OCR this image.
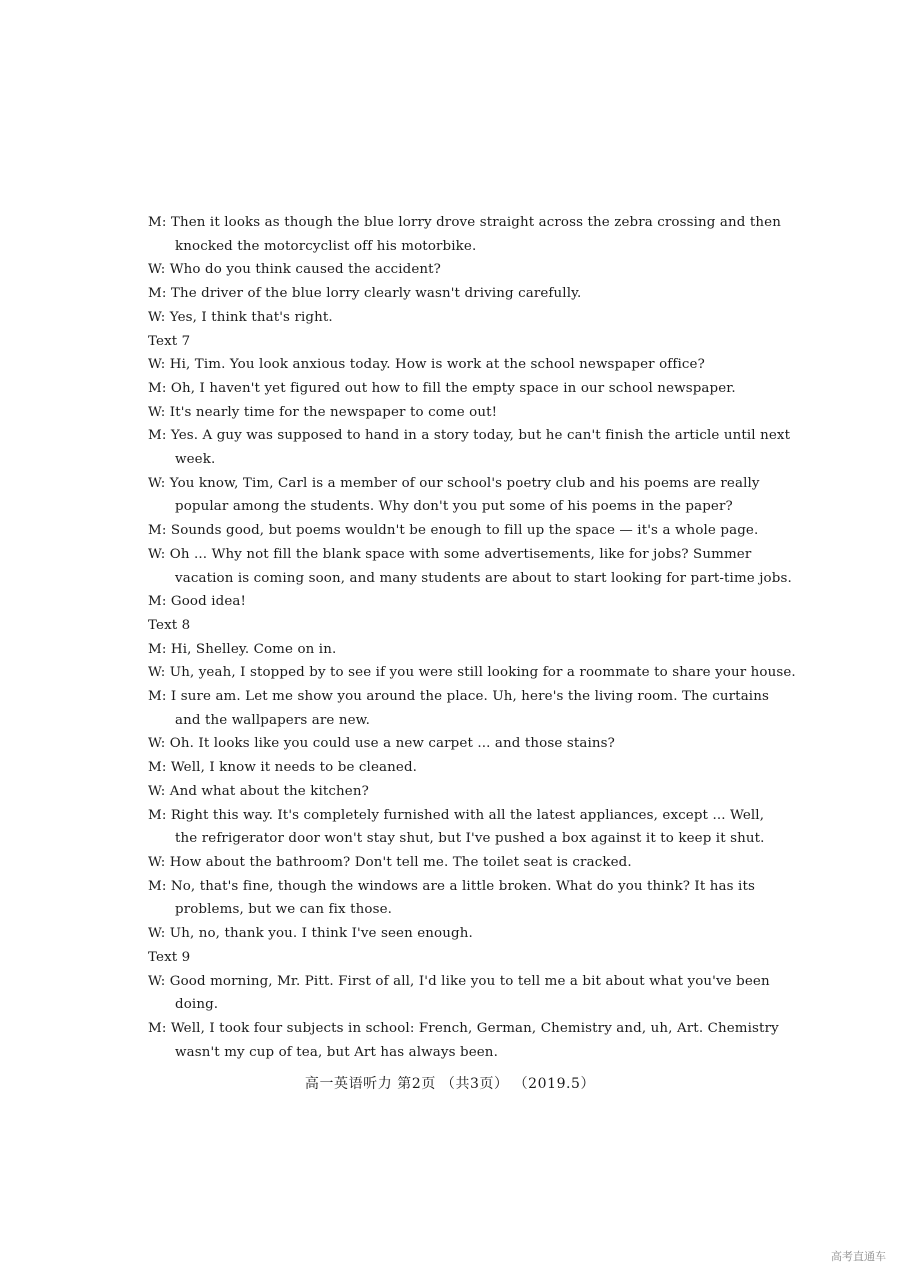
M: Then it looks as though the blue lorry drove straight across the zebra crossing and then
knocked the motorcyclist off his motorbike.
W: Who do you think caused the accident?
M: The driver of the blue lorry clearly wasn't driving carefully.
W: Yes, I think that's right.
Text 7
W: Hi, Tim. You look anxious today. How is work at the school newspaper office?
M: Oh, I haven't yet figured out how to fill the empty space in our school newspaper.
W: It's nearly time for the newspaper to come out!
M: Yes. A guy was supposed to hand in a story today, but he can't finish the article until next
week.
W: You know, Tim, Carl is a member of our school's poetry club and his poems are really
popular among the students. Why don't you put some of his poems in the paper?
M: Sounds good, but poems wouldn't be enough to fill up the space — it's a whole page.
W: Oh ... Why not fill the blank space with some advertisements, like for jobs? Summer
vacation is coming soon, and many students are about to start looking for part-time jobs.
M: Good idea!
Text 8
M: Hi, Shelley. Come on in.
W: Uh, yeah, I stopped by to see if you were still looking for a roommate to share your house.
M: I sure am. Let me show you around the place. Uh, here's the living room. The curtains
and the wallpapers are new.
W: Oh. It looks like you could use a new carpet ... and those stains?
M: Well, I know it needs to be cleaned.
W: And what about the kitchen?
M: Right this way. It's completely furnished with all the latest appliances, except ... Well,
the refrigerator door won't stay shut, but I've pushed a box against it to keep it shut.
W: How about the bathroom? Don't tell me. The toilet seat is cracked.
M: No, that's fine, though the windows are a little broken. What do you think? It has its
problems, but we can fix those.
W: Uh, no, thank you. I think I've seen enough.
Text 9
W: Good morning, Mr. Pitt. First of all, I'd like you to tell me a bit about what you've been
doing.
M: Well, I took four subjects in school: French, German, Chemistry and, uh, Art. Chemistry
wasn't my cup of tea, but Art has always been.
高一英语听力 第2页 （共3页） （2019.5）
高考直通车
